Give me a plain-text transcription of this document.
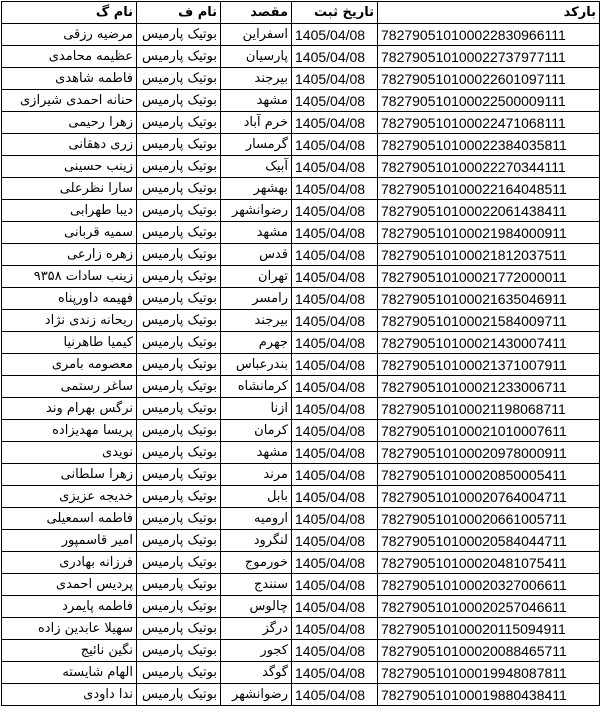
بارکد	تاریخ ثبت	مقصد	نام ف	نام گ
782790510100022830966111	1405/04/08	اسفراین	بوتیک پارمیس	مرضیه رزقی
782790510100022737977111	1405/04/08	پارسیان	بوتیک پارمیس	عظیمه محامدی
782790510100022601097111	1405/04/08	بیرجند	بوتیک پارمیس	فاطمه شاهدی
782790510100022500009111	1405/04/08	مشهد	بوتیک پارمیس	حنانه احمدی شیرازی
782790510100022471068111	1405/04/08	خرم آباد	بوتیک پارمیس	زهرا رحیمی
782790510100022384035811	1405/04/08	گرمسار	بوتیک پارمیس	زری دهقانی
782790510100022270344111	1405/04/08	آبیک	بوتیک پارمیس	زینب حسینی
782790510100022164048511	1405/04/08	بهشهر	بوتیک پارمیس	سارا نظرعلی
782790510100022061438411	1405/04/08	رضوانشهر	بوتیک پارمیس	دیبا طهرابی
782790510100021984000911	1405/04/08	مشهد	بوتیک پارمیس	سمیه قربانی
782790510100021812037511	1405/04/08	قدس	بوتیک پارمیس	زهره زارعی
782790510100021772000011	1405/04/08	تهران	بوتیک پارمیس	زینب سادات ۹۳۵۸
782790510100021635046911	1405/04/08	رامسر	بوتیک پارمیس	فهیمه داورپناه
782790510100021584009711	1405/04/08	بیرجند	بوتیک پارمیس	ریحانه زندی نژاد
782790510100021430007411	1405/04/08	جهرم	بوتیک پارمیس	کیمیا طاهرنیا
782790510100021371007911	1405/04/08	بندرعباس	بوتیک پارمیس	معصومه بامری
782790510100021233006711	1405/04/08	کرمانشاه	بوتیک پارمیس	ساغر رستمی
782790510100021198068711	1405/04/08	ازنا	بوتیک پارمیس	نرگس بهرام وند
782790510100021010007611	1405/04/08	کرمان	بوتیک پارمیس	پریسا مهدیزاده
782790510100020978000911	1405/04/08	مشهد	بوتیک پارمیس	نویدی
782790510100020850005411	1405/04/08	مرند	بوتیک پارمیس	زهرا سلطانی
782790510100020764004711	1405/04/08	بابل	بوتیک پارمیس	خدیجه عزیزی
782790510100020661005711	1405/04/08	ارومیه	بوتیک پارمیس	فاطمه اسمعیلی
782790510100020584044711	1405/04/08	لنگرود	بوتیک پارمیس	امیر قاسمپور
782790510100020481075411	1405/04/08	خورموج	بوتیک پارمیس	فرزانه بهادری
782790510100020327006611	1405/04/08	سنندج	بوتیک پارمیس	پردیس احمدی
782790510100020257046611	1405/04/08	چالوس	بوتیک پارمیس	فاطمه پایمرد
782790510100020115094911	1405/04/08	درگز	بوتیک پارمیس	سهیلا عابدین زاده
782790510100020088465711	1405/04/08	کجور	بوتیک پارمیس	نگین نائیج
782790510100019948087811	1405/04/08	گوگد	بوتیک پارمیس	الهام شایسته
782790510100019880438411	1405/04/08	رضوانشهر	بوتیک پارمیس	ندا داودی
